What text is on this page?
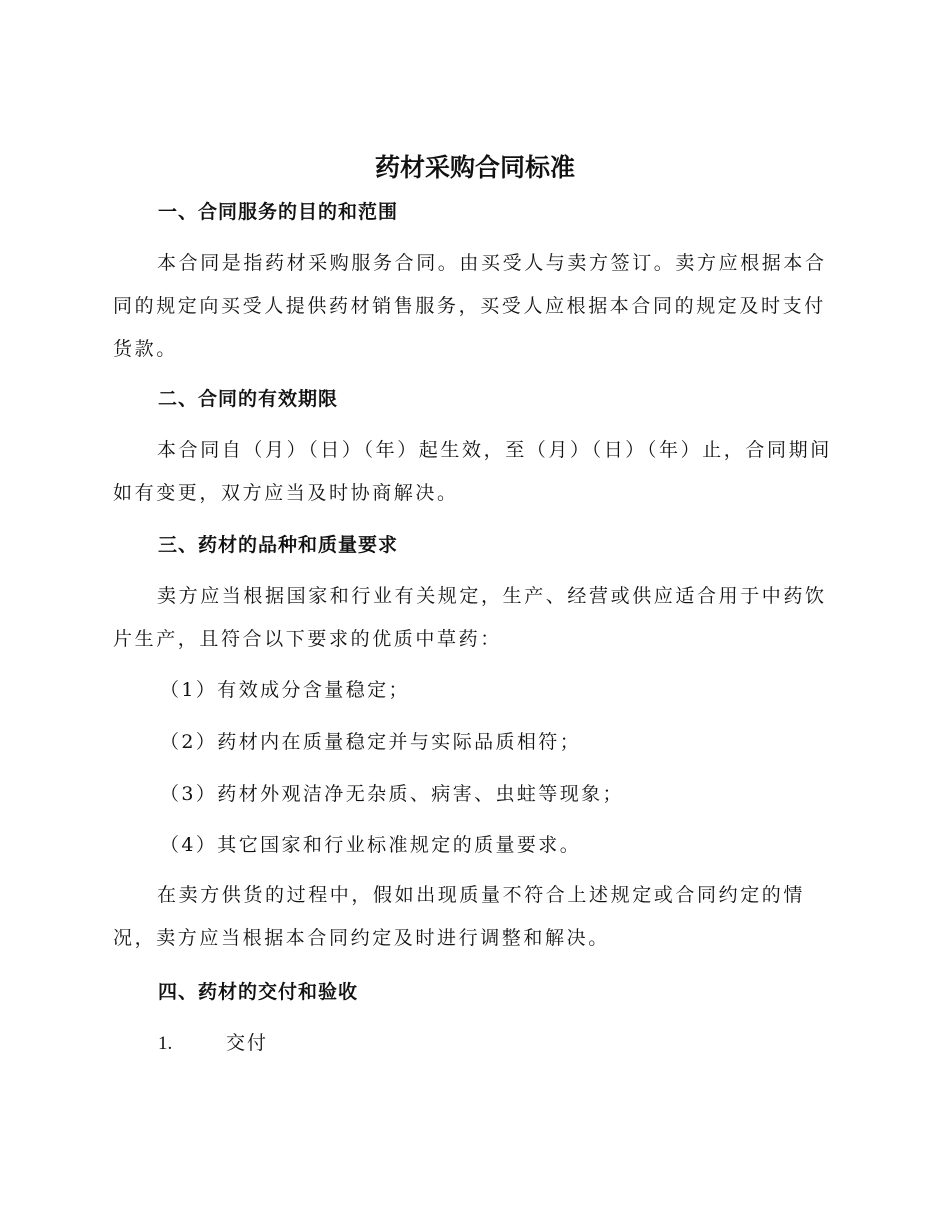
药材采购合同标准
一、合同服务的目的和范围

本合同是指药材采购服务合同。由买受人与卖方签订。卖方应根据本合同的规定向买受人提供药材销售服务，买受人应根据本合同的规定及时支付货款。

二、合同的有效期限

本合同自（月）（日）（年）起生效，至（月）（日）（年）止，合同期间如有变更，双方应当及时协商解决。

三、药材的品种和质量要求

卖方应当根据国家和行业有关规定，生产、经营或供应适合用于中药饮片生产，且符合以下要求的优质中草药：

（1）有效成分含量稳定；
（2）药材内在质量稳定并与实际品质相符；
（3）药材外观洁净无杂质、病害、虫蛀等现象；
（4）其它国家和行业标准规定的质量要求。

在卖方供货的过程中，假如出现质量不符合上述规定或合同约定的情况，卖方应当根据本合同约定及时进行调整和解决。

四、药材的交付和验收
1.	交付
